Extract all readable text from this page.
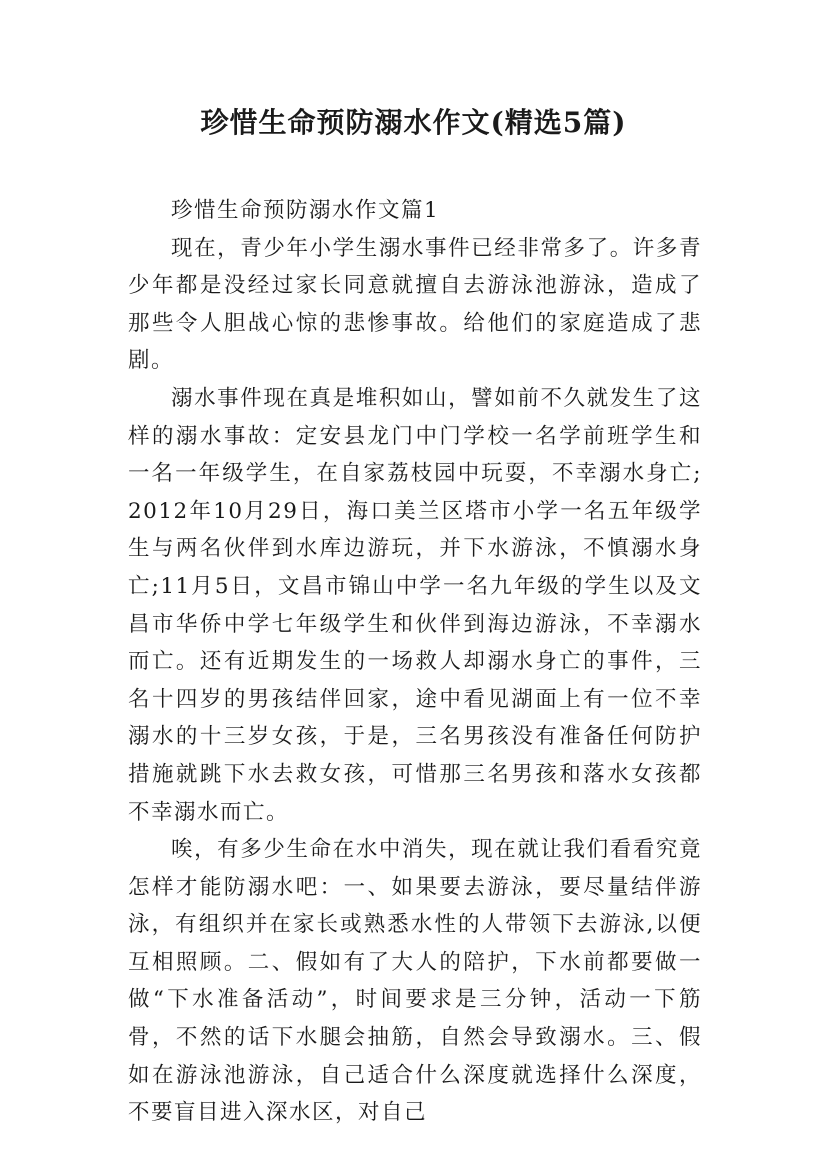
珍惜生命预防溺水作文(精选5篇)

珍惜生命预防溺水作文篇1

现在，青少年小学生溺水事件已经非常多了。许多青少年都是没经过家长同意就擅自去游泳池游泳，造成了那些令人胆战心惊的悲惨事故。给他们的家庭造成了悲剧。

溺水事件现在真是堆积如山，譬如前不久就发生了这样的溺水事故：定安县龙门中门学校一名学前班学生和一名一年级学生，在自家荔枝园中玩耍，不幸溺水身亡;2012年10月29日，海口美兰区塔市小学一名五年级学生与两名伙伴到水库边游玩，并下水游泳，不慎溺水身亡;11月5日，文昌市锦山中学一名九年级的学生以及文昌市华侨中学七年级学生和伙伴到海边游泳，不幸溺水而亡。还有近期发生的一场救人却溺水身亡的事件，三名十四岁的男孩结伴回家，途中看见湖面上有一位不幸溺水的十三岁女孩，于是，三名男孩没有准备任何防护措施就跳下水去救女孩，可惜那三名男孩和落水女孩都不幸溺水而亡。

唉，有多少生命在水中消失，现在就让我们看看究竟怎样才能防溺水吧：一、如果要去游泳，要尽量结伴游泳，有组织并在家长或熟悉水性的人带领下去游泳,以便互相照顾。二、假如有了大人的陪护，下水前都要做一做“下水准备活动”，时间要求是三分钟，活动一下筋骨，不然的话下水腿会抽筋，自然会导致溺水。三、假如在游泳池游泳，自己适合什么深度就选择什么深度，不要盲目进入深水区，对自己
